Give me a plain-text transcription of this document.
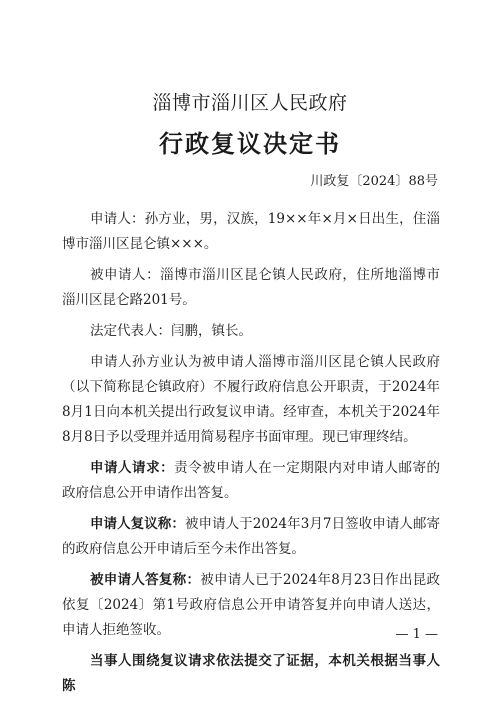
淄博市淄川区人民政府
行政复议决定书
川政复〔2024〕88号

申请人：孙方业，男，汉族，19××年×月×日出生，住淄博市淄川区昆仑镇×××。

被申请人：淄博市淄川区昆仑镇人民政府，住所地淄博市淄川区昆仑路201号。

法定代表人：闫鹏，镇长。

申请人孙方业认为被申请人淄博市淄川区昆仑镇人民政府（以下简称昆仑镇政府）不履行政府信息公开职责，于2024年8月1日向本机关提出行政复议申请。经审查，本机关于2024年8月8日予以受理并适用简易程序书面审理。现已审理终结。

申请人请求：责令被申请人在一定期限内对申请人邮寄的政府信息公开申请作出答复。

申请人复议称：被申请人于2024年3月7日签收申请人邮寄的政府信息公开申请后至今未作出答复。

被申请人答复称：被申请人已于2024年8月23日作出昆政依复〔2024〕第1号政府信息公开申请答复并向申请人送达，申请人拒绝签收。

当事人围绕复议请求依法提交了证据，本机关根据当事人陈

— 1 —
